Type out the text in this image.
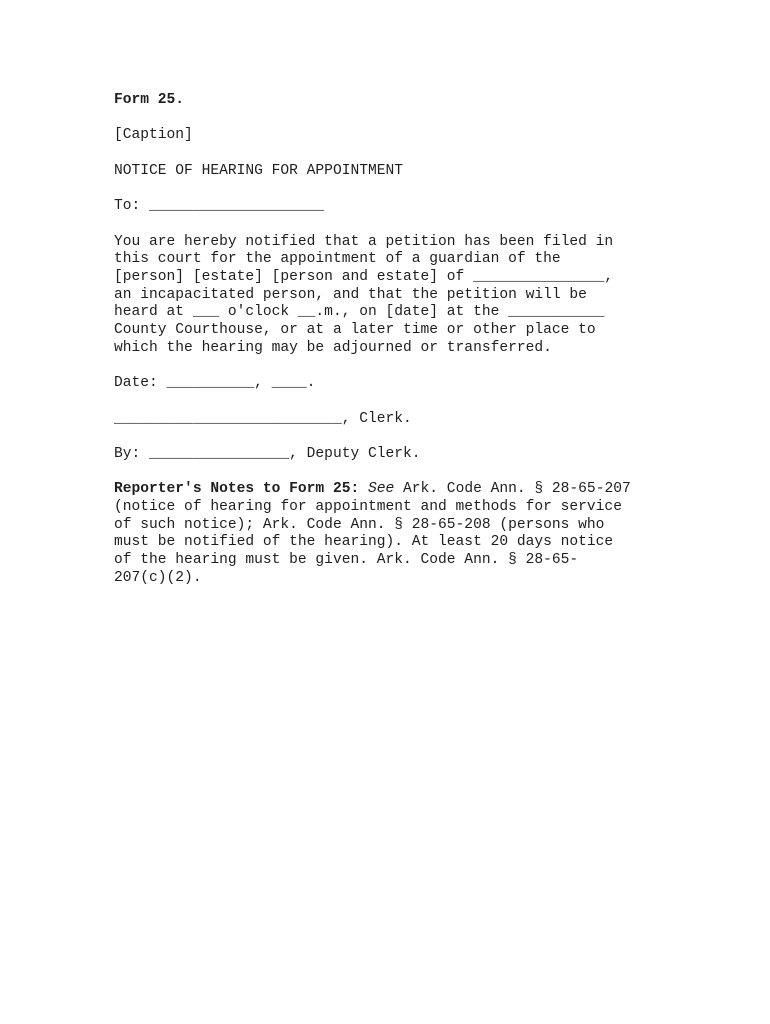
Form 25.

[Caption]

NOTICE OF HEARING FOR APPOINTMENT

To: ____________________

You are hereby notified that a petition has been filed in

this court for the appointment of a guardian of the

[person] [estate] [person and estate] of _______________,

an incapacitated person, and that the petition will be

heard at ___ o'clock __.m., on [date] at the ___________

County Courthouse, or at a later time or other place to

which the hearing may be adjourned or transferred.

Date: __________, ____.

__________________________, Clerk.

By: ________________, Deputy Clerk.

Reporter's Notes to Form 25: See Ark. Code Ann. § 28-65-207

(notice of hearing for appointment and methods for service

of such notice); Ark. Code Ann. § 28-65-208 (persons who

must be notified of the hearing). At least 20 days notice

of the hearing must be given. Ark. Code Ann. § 28-65-

207(c)(2).
